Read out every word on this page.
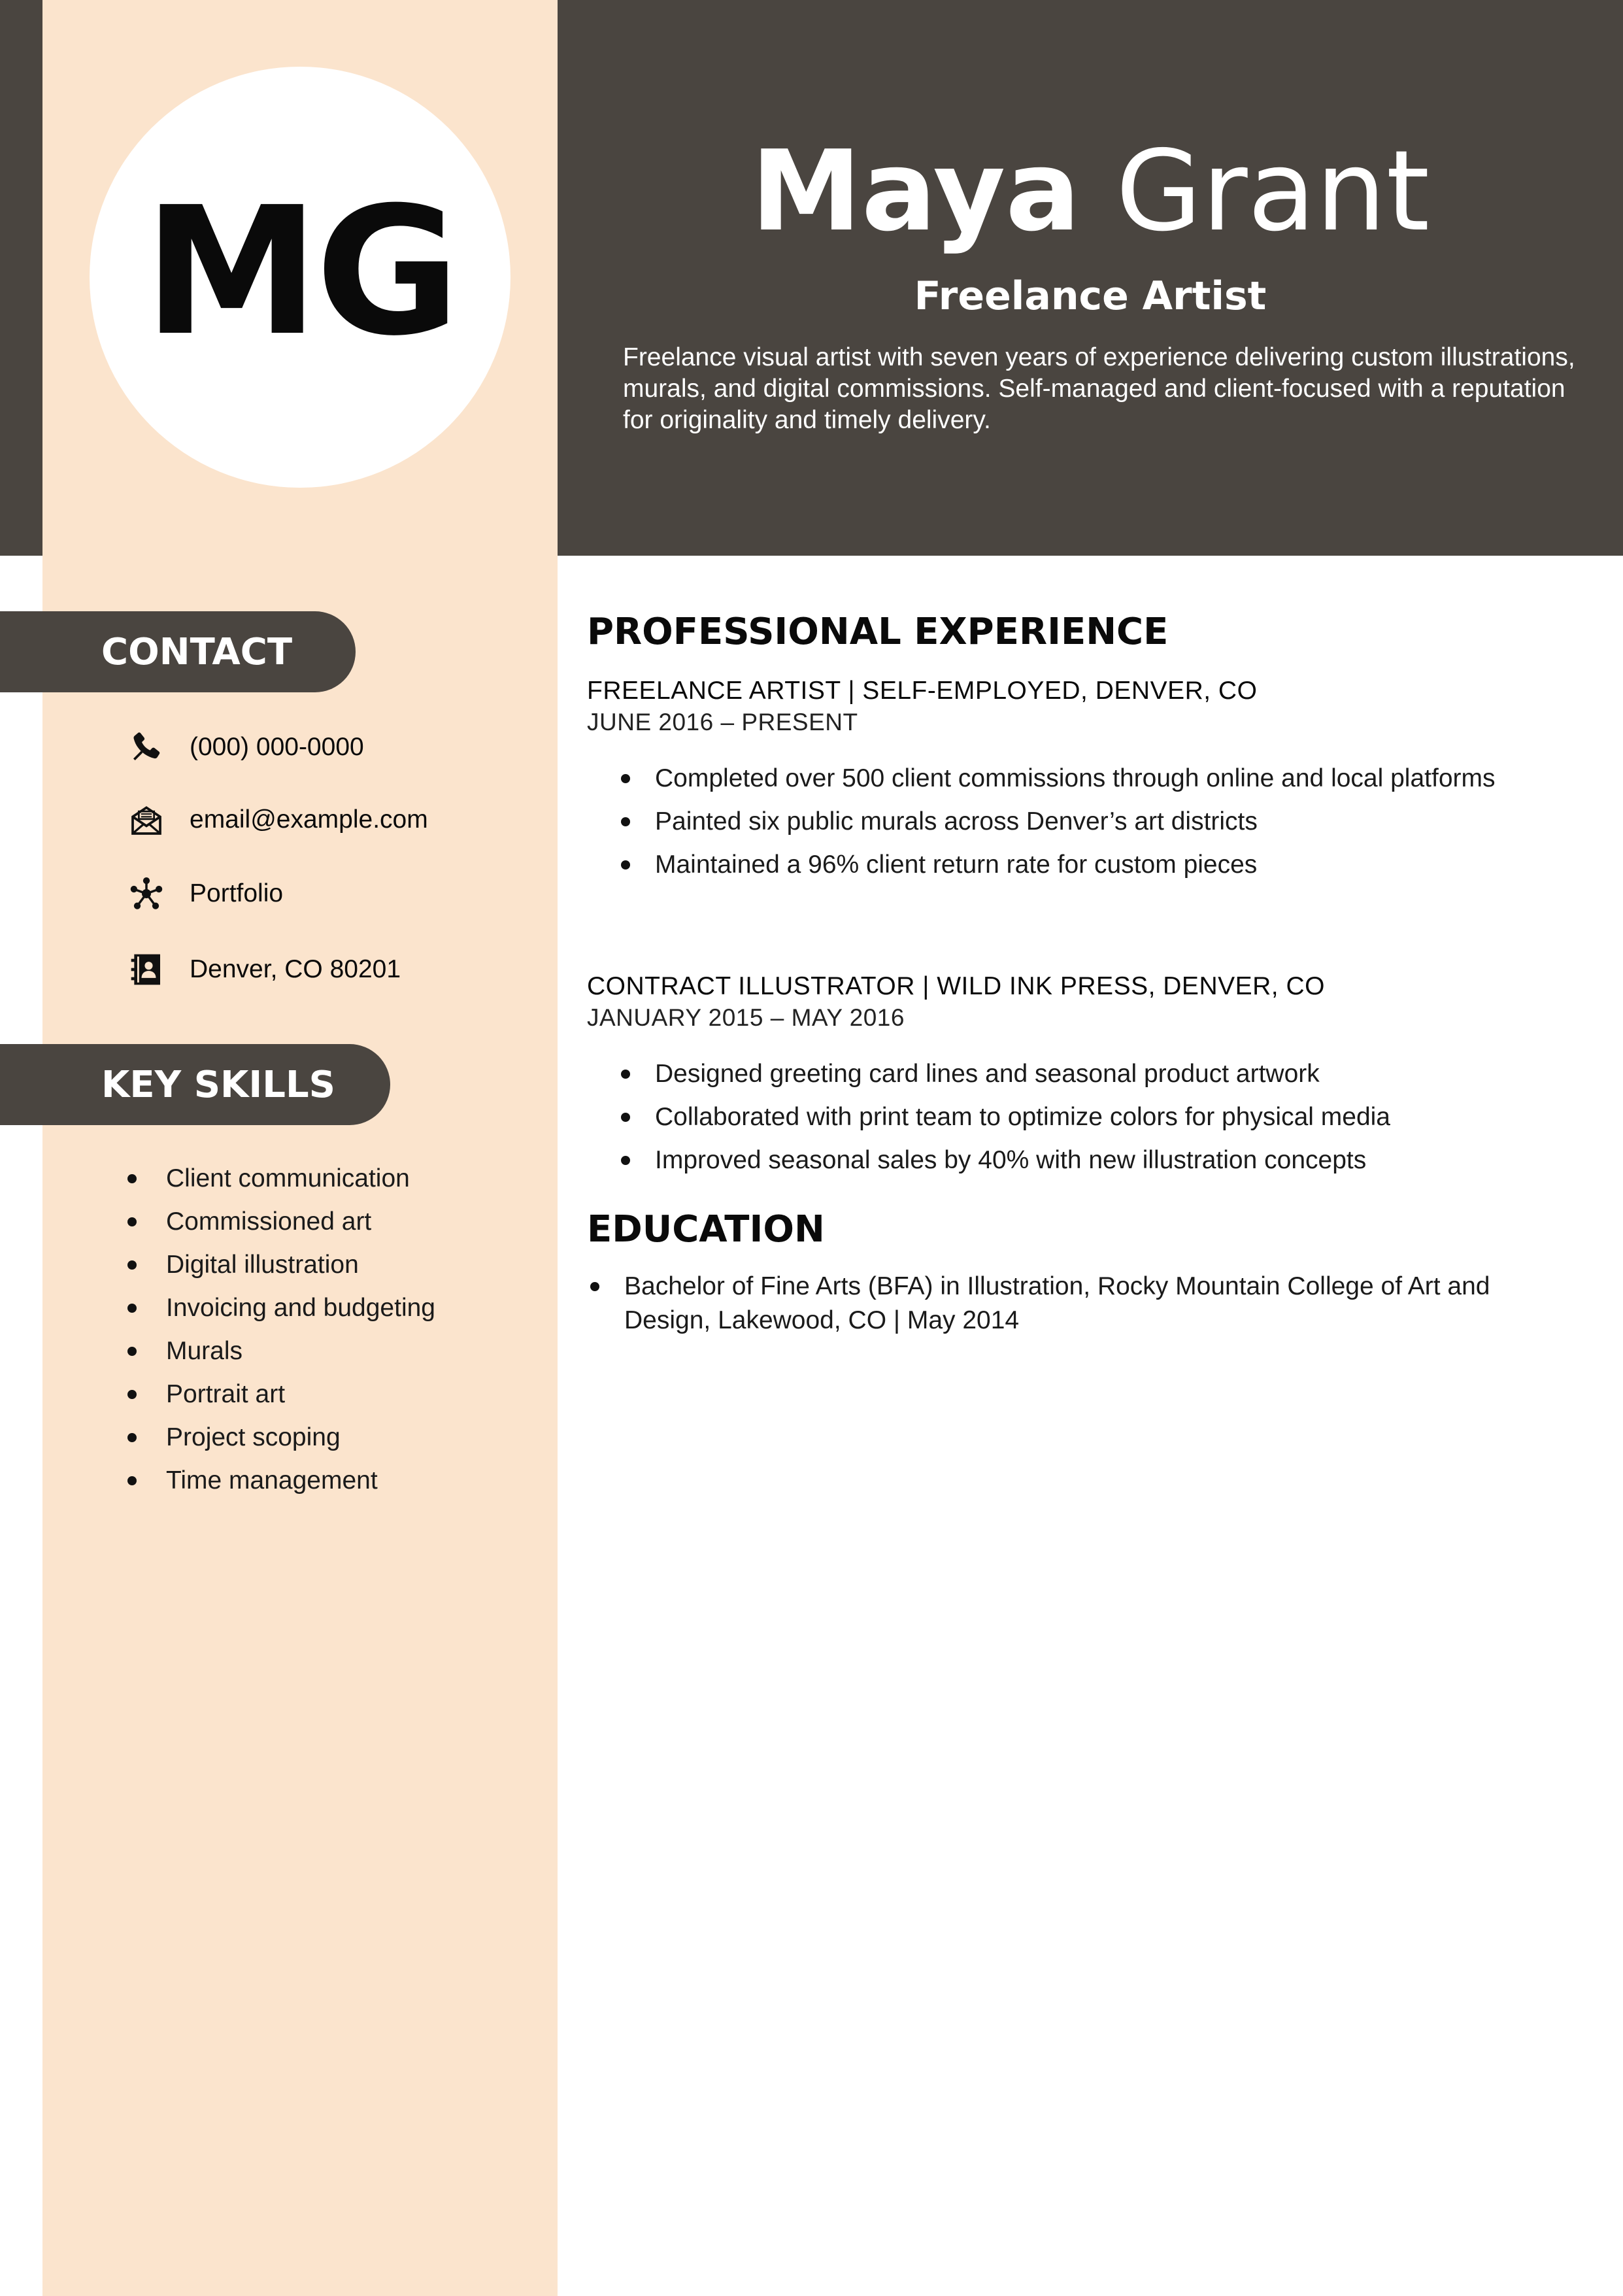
MG	Maya Grant
Freelance Artist
Freelance visual artist with seven years of experience delivering custom illustrations, murals, and digital commissions. Self-managed and client-focused with a reputation for originality and timely delivery.
CONTACT
(000) 000-0000
email@example.com
Portfolio
Denver, CO 80201
KEY SKILLS
Client communication
Commissioned art
Digital illustration
Invoicing and budgeting
Murals
Portrait art
Project scoping
Time management
PROFESSIONAL EXPERIENCE
FREELANCE ARTIST | SELF-EMPLOYED, DENVER, CO
JUNE 2016 – PRESENT
Completed over 500 client commissions through online and local platforms
Painted six public murals across Denver’s art districts
Maintained a 96% client return rate for custom pieces
CONTRACT ILLUSTRATOR | WILD INK PRESS, DENVER, CO
JANUARY 2015 – MAY 2016
Designed greeting card lines and seasonal product artwork
Collaborated with print team to optimize colors for physical media
Improved seasonal sales by 40% with new illustration concepts
EDUCATION
Bachelor of Fine Arts (BFA) in Illustration, Rocky Mountain College of Art and Design, Lakewood, CO | May 2014
